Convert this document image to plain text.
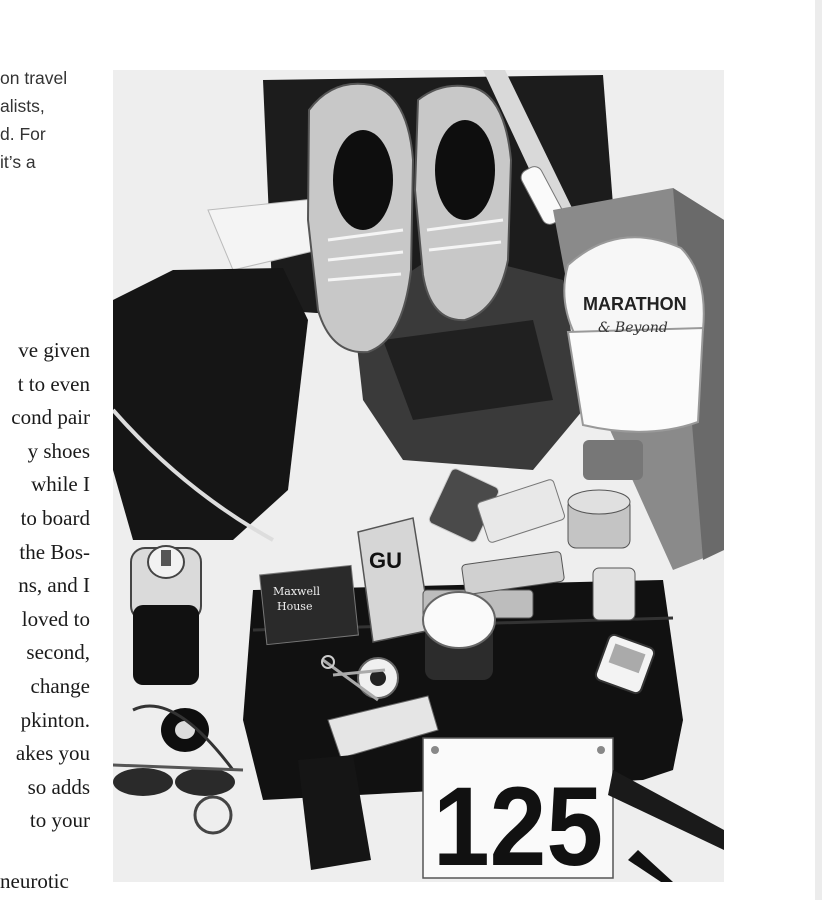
on travel
alists,
d. For
it’s a
ve given
t to even
cond pair
y shoes
while I
to board
the Bos-
ns, and I
loved to
second,
change
pkinton.
akes you
so adds
to your
neurotic
MARATHON
& Beyond
Maxwell
House
GU
125
